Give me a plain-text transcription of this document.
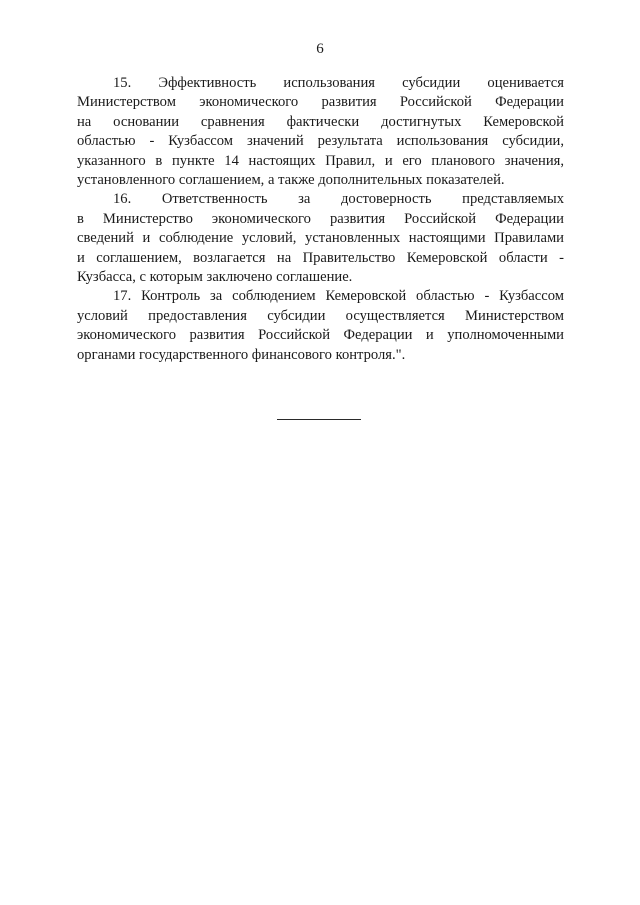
6

15. Эффективность использования субсидии оценивается
Министерством экономического развития Российской Федерации
на основании сравнения фактически достигнутых Кемеровской
областью - Кузбассом значений результата использования субсидии,
указанного в пункте 14 настоящих Правил, и его планового значения,
установленного соглашением, а также дополнительных показателей.

16. Ответственность за достоверность представляемых
в Министерство экономического развития Российской Федерации
сведений и соблюдение условий, установленных настоящими Правилами
и соглашением, возлагается на Правительство Кемеровской области -
Кузбасса, с которым заключено соглашение.

17. Контроль за соблюдением Кемеровской областью - Кузбассом
условий предоставления субсидии осуществляется Министерством
экономического развития Российской Федерации и уполномоченными
органами государственного финансового контроля.".
